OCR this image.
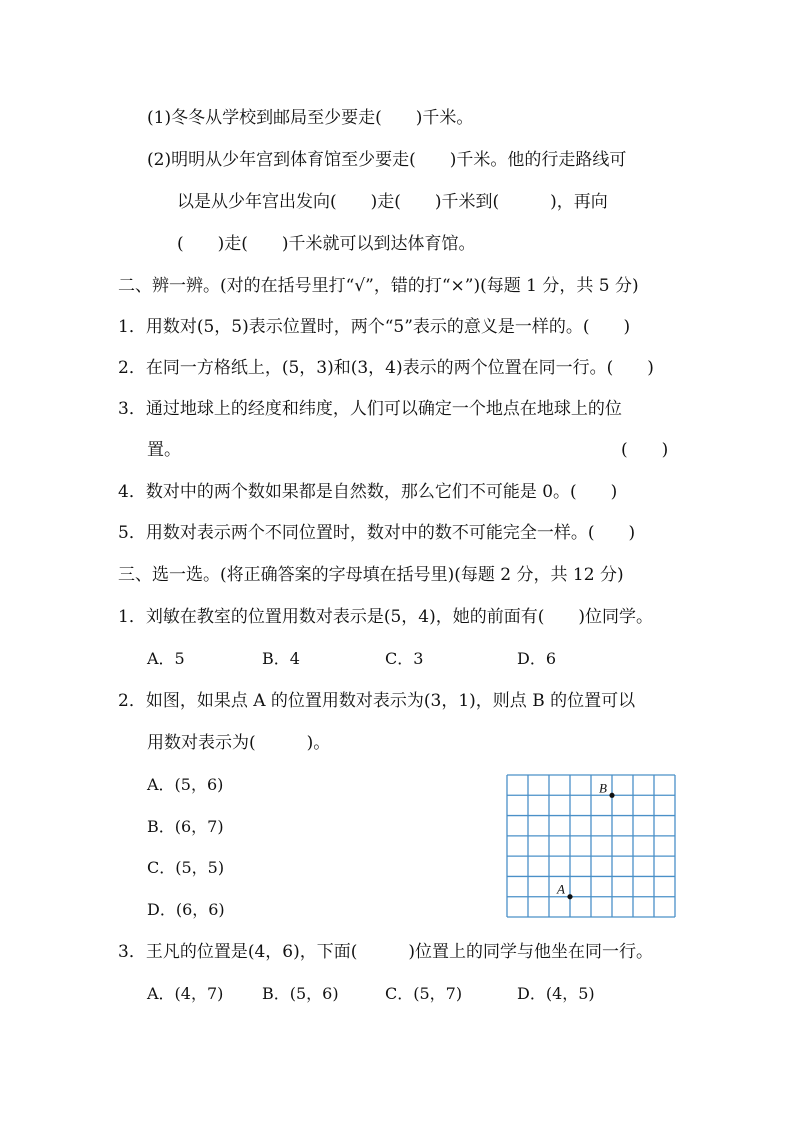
(1)冬冬从学校到邮局至少要走(　　)千米。
(2)明明从少年宫到体育馆至少要走(　　)千米。他的行走路线可
以是从少年宫出发向(　　)走(　　)千米到(　　　)，再向
(　　)走(　　)千米就可以到达体育馆。
二、辨一辨。(对的在括号里打“√”，错的打“×”)(每题 1 分，共 5 分)
1．用数对(5，5)表示位置时，两个“5”表示的意义是一样的。(　　)
2．在同一方格纸上，(5，3)和(3，4)表示的两个位置在同一行。(　　)
3．通过地球上的经度和纬度，人们可以确定一个地点在地球上的位
置。	(　　)
4．数对中的两个数如果都是自然数，那么它们不可能是 0。(　　)
5．用数对表示两个不同位置时，数对中的数不可能完全一样。(　　)
三、选一选。(将正确答案的字母填在括号里)(每题 2 分，共 12 分)
1．刘敏在教室的位置用数对表示是(5，4)，她的前面有(　　)位同学。
A．5	B．4	C．3	D．6
2．如图，如果点 A 的位置用数对表示为(3，1)，则点 B 的位置可以
用数对表示为(　　　)。
A．(5，6)
B．(6，7)
C．(5，5)
D．(6，6)
A
B
3．王凡的位置是(4，6)，下面(　　　)位置上的同学与他坐在同一行。
A．(4，7) B．(5，6)	C．(5，7)	D．(4，5)
